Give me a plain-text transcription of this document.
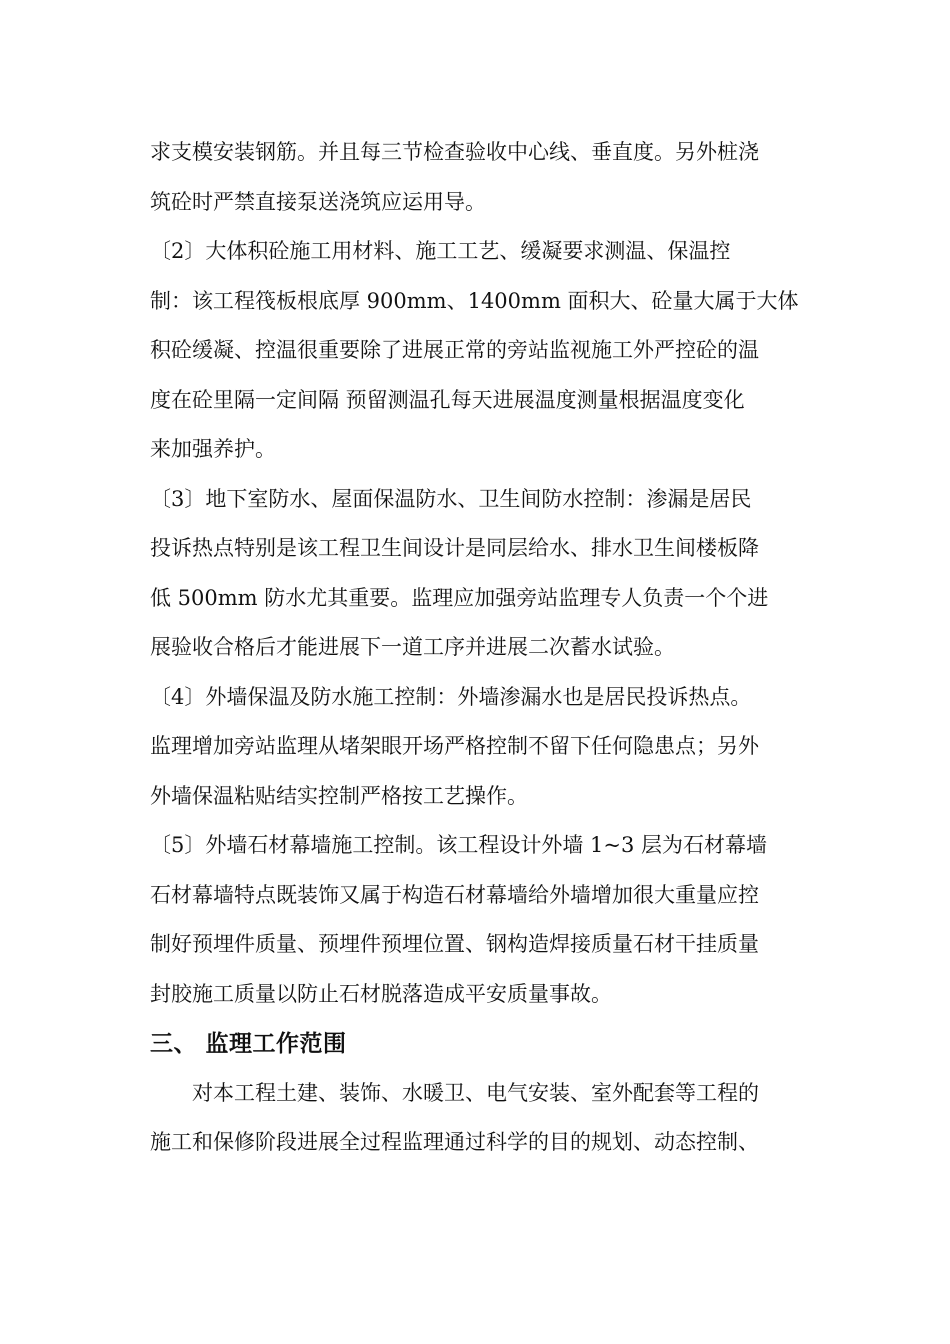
求支模安装钢筋。并且每三节检查验收中心线、垂直度。另外桩浇

筑砼时严禁直接泵送浇筑应运用导。

〔2〕大体积砼施工用材料、施工工艺、缓凝要求测温、保温控

制：该工程筏板根底厚 900mm、1400mm 面积大、砼量大属于大体

积砼缓凝、控温很重要除了进展正常的旁站监视施工外严控砼的温

度在砼里隔一定间隔 预留测温孔每天进展温度测量根据温度变化

来加强养护。

〔3〕地下室防水、屋面保温防水、卫生间防水控制：渗漏是居民

投诉热点特别是该工程卫生间设计是同层给水、排水卫生间楼板降

低 500mm 防水尤其重要。监理应加强旁站监理专人负责一个个进

展验收合格后才能进展下一道工序并进展二次蓄水试验。

〔4〕外墙保温及防水施工控制：外墙渗漏水也是居民投诉热点。

监理增加旁站监理从堵架眼开场严格控制不留下任何隐患点；另外

外墙保温粘贴结实控制严格按工艺操作。

〔5〕外墙石材幕墙施工控制。该工程设计外墙 1~3 层为石材幕墙

石材幕墙特点既装饰又属于构造石材幕墙给外墙增加很大重量应控

制好预埋件质量、预埋件预埋位置、钢构造焊接质量石材干挂质量

封胶施工质量以防止石材脱落造成平安质量事故。

三、 监理工作范围

对本工程土建、装饰、水暖卫、电气安装、室外配套等工程的

施工和保修阶段进展全过程监理通过科学的目的规划、动态控制、
